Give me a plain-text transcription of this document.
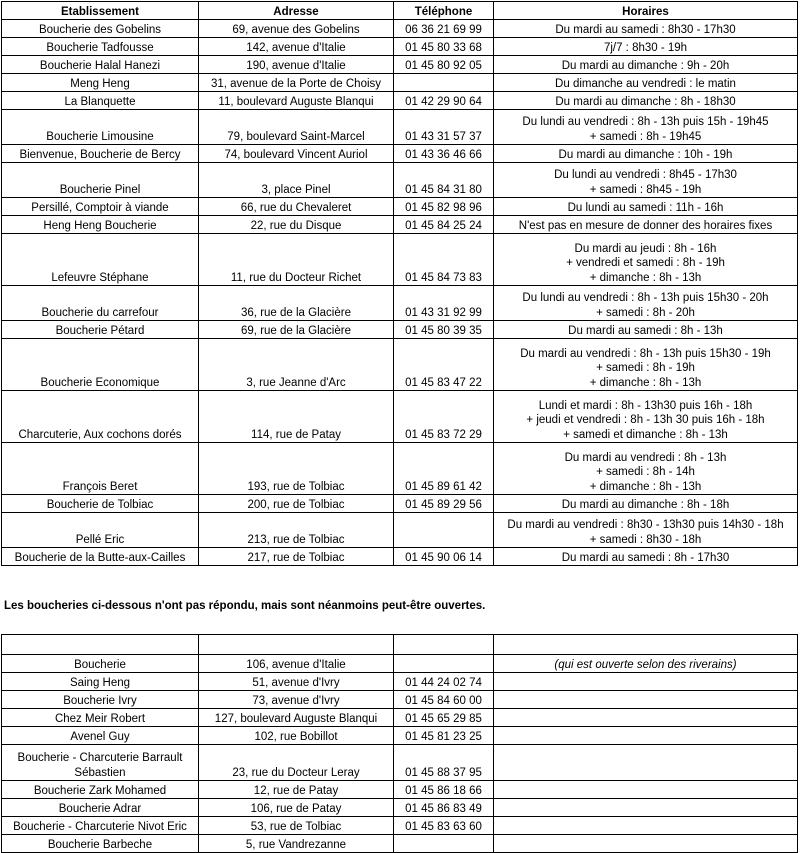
Etablissement	Adresse	Téléphone	Horaires
Boucherie des Gobelins	69, avenue des Gobelins	06 36 21 69 99	Du mardi au samedi : 8h30 - 17h30

Boucherie Tadfousse	142, avenue d'Italie	01 45 80 33 68	7j/7 : 8h30 - 19h

Boucherie Halal Hanezi	190, avenue d'Italie	01 45 80 92 05	Du mardi au dimanche : 9h - 20h

Meng Heng	31, avenue de la Porte de Choisy		Du dimanche au vendredi : le matin

La Blanquette	11, boulevard Auguste Blanqui	01 42 29 90 64	Du mardi au dimanche : 8h - 18h30

Boucherie Limousine	79, boulevard Saint-Marcel	01 43 31 57 37	Du lundi au vendredi : 8h - 13h puis 15h - 19h45
+ samedi : 8h - 19h45

Bienvenue, Boucherie de Bercy	74, boulevard Vincent Auriol	01 43 36 46 66	Du mardi au dimanche : 10h - 19h

Boucherie Pinel	3, place Pinel	01 45 84 31 80	Du lundi au vendredi : 8h45 - 17h30
+ samedi : 8h45 - 19h

Persillé, Comptoir à viande	66, rue du Chevaleret	01 45 82 98 96	Du lundi au samedi : 11h - 16h

Heng Heng Boucherie	22, rue du Disque	01 45 84 25 24	N'est pas en mesure de donner des horaires fixes

Lefeuvre Stéphane	11, rue du Docteur Richet	01 45 84 73 83	Du mardi au jeudi : 8h - 16h
+ vendredi et samedi : 8h - 19h
+ dimanche : 8h - 13h

Boucherie du carrefour	36, rue de la Glacière	01 43 31 92 99	Du lundi au vendredi : 8h - 13h puis 15h30 - 20h
+ samedi : 8h - 20h

Boucherie Pétard	69, rue de la Glacière	01 45 80 39 35	Du mardi au samedi : 8h - 13h

Boucherie Economique	3, rue Jeanne d'Arc	01 45 83 47 22	Du mardi au vendredi : 8h - 13h puis 15h30 - 19h
+ samedi : 8h - 19h
+ dimanche : 8h - 13h

Charcuterie, Aux cochons dorés	114, rue de Patay	01 45 83 72 29	Lundi et mardi : 8h - 13h30 puis 16h - 18h
+ jeudi et vendredi : 8h - 13h 30 puis 16h - 18h
+ samedi et dimanche : 8h - 13h

François Beret	193, rue de Tolbiac	01 45 89 61 42	Du mardi au vendredi : 8h - 13h
+ samedi : 8h - 14h
+ dimanche : 8h - 13h

Boucherie de Tolbiac	200, rue de Tolbiac	01 45 89 29 56	Du mardi au dimanche : 8h - 18h

Pellé Eric	213, rue de Tolbiac		Du mardi au vendredi : 8h30 - 13h30 puis 14h30 - 18h
+ samedi : 8h30 - 18h

Boucherie de la Butte-aux-Cailles	217, rue de Tolbiac	01 45 90 06 14	Du mardi au samedi : 8h - 17h30
Les boucheries ci-dessous n'ont pas répondu, mais sont néanmoins peut-être ouvertes.

Boucherie	106, avenue d'Italie		(qui est ouverte selon des riverains)

Saing Heng	51, avenue d'Ivry	01 44 24 02 74	

Boucherie Ivry	73, avenue d'Ivry	01 45 84 60 00	

Chez Meir Robert	127, boulevard Auguste Blanqui	01 45 65 29 85	

Avenel Guy	102, rue Bobillot	01 45 81 23 25	

Boucherie - Charcuterie Barrault
Sébastien	23, rue du Docteur Leray	01 45 88 37 95	

Boucherie Zark Mohamed	12, rue de Patay	01 45 86 18 66	

Boucherie Adrar	106, rue de Patay	01 45 86 83 49	

Boucherie - Charcuterie Nivot Eric	53, rue de Tolbiac	01 45 83 63 60	

Boucherie Barbeche	5, rue Vandrezanne		
